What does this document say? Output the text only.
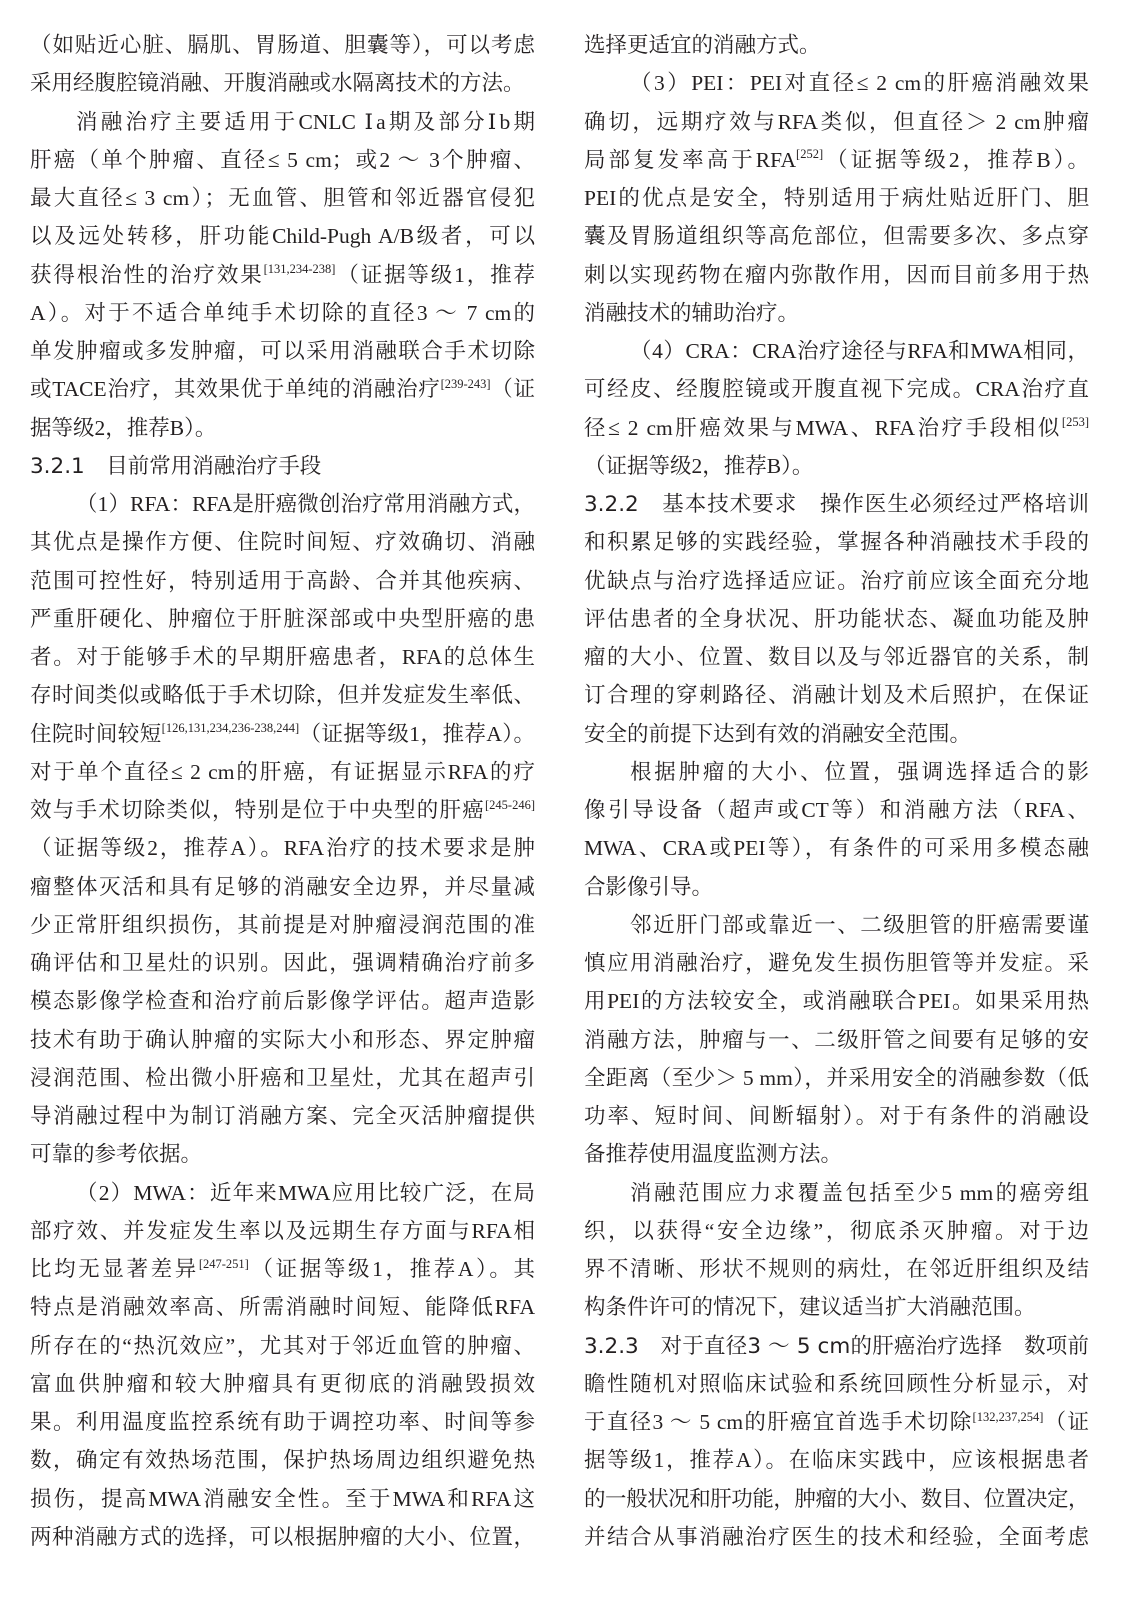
（如贴近心脏、膈肌、胃肠道、胆囊等），可以考虑
采用经腹腔镜消融、开腹消融或水隔离技术的方法。
消融治疗主要适用于CNLC Ⅰa期及部分Ⅰb期
肝癌（单个肿瘤、直径≤ 5 cm；或2 ～ 3个肿瘤、
最大直径≤ 3 cm）；无血管、胆管和邻近器官侵犯
以及远处转移，肝功能Child-Pugh A/B级者，可以
获得根治性的治疗效果[131,234-238]（证据等级1，推荐
A）。对于不适合单纯手术切除的直径3 ～ 7 cm的
单发肿瘤或多发肿瘤，可以采用消融联合手术切除
或TACE治疗，其效果优于单纯的消融治疗[239-243]（证
据等级2，推荐B）。
3.2.1　目前常用消融治疗手段
（1）RFA：RFA是肝癌微创治疗常用消融方式，
其优点是操作方便、住院时间短、疗效确切、消融
范围可控性好，特别适用于高龄、合并其他疾病、
严重肝硬化、肿瘤位于肝脏深部或中央型肝癌的患
者。对于能够手术的早期肝癌患者，RFA的总体生
存时间类似或略低于手术切除，但并发症发生率低、
住院时间较短[126,131,234,236-238,244]（证据等级1，推荐A）。
对于单个直径≤ 2 cm的肝癌，有证据显示RFA的疗
效与手术切除类似，特别是位于中央型的肝癌[245-246]
（证据等级2，推荐A）。RFA治疗的技术要求是肿
瘤整体灭活和具有足够的消融安全边界，并尽量减
少正常肝组织损伤，其前提是对肿瘤浸润范围的准
确评估和卫星灶的识别。因此，强调精确治疗前多
模态影像学检查和治疗前后影像学评估。超声造影
技术有助于确认肿瘤的实际大小和形态、界定肿瘤
浸润范围、检出微小肝癌和卫星灶，尤其在超声引
导消融过程中为制订消融方案、完全灭活肿瘤提供
可靠的参考依据。
（2）MWA：近年来MWA应用比较广泛，在局
部疗效、并发症发生率以及远期生存方面与RFA相
比均无显著差异[247-251]（证据等级1，推荐A）。其
特点是消融效率高、所需消融时间短、能降低RFA
所存在的“热沉效应”，尤其对于邻近血管的肿瘤、
富血供肿瘤和较大肿瘤具有更彻底的消融毁损效
果。利用温度监控系统有助于调控功率、时间等参
数，确定有效热场范围，保护热场周边组织避免热
损伤，提高MWA消融安全性。至于MWA和RFA这
两种消融方式的选择，可以根据肿瘤的大小、位置，
选择更适宜的消融方式。
（3）PEI：PEI对直径≤ 2 cm的肝癌消融效果
确切，远期疗效与RFA类似，但直径＞ 2 cm肿瘤
局部复发率高于RFA[252]（证据等级2，推荐B）。
PEI的优点是安全，特别适用于病灶贴近肝门、胆
囊及胃肠道组织等高危部位，但需要多次、多点穿
刺以实现药物在瘤内弥散作用，因而目前多用于热
消融技术的辅助治疗。
（4）CRA：CRA治疗途径与RFA和MWA相同，
可经皮、经腹腔镜或开腹直视下完成。CRA治疗直
径≤ 2 cm肝癌效果与MWA、RFA治疗手段相似[253]
（证据等级2，推荐B）。
3.2.2　基本技术要求　操作医生必须经过严格培训
和积累足够的实践经验，掌握各种消融技术手段的
优缺点与治疗选择适应证。治疗前应该全面充分地
评估患者的全身状况、肝功能状态、凝血功能及肿
瘤的大小、位置、数目以及与邻近器官的关系，制
订合理的穿刺路径、消融计划及术后照护，在保证
安全的前提下达到有效的消融安全范围。
根据肿瘤的大小、位置，强调选择适合的影
像引导设备（超声或CT等）和消融方法（RFA、
MWA、CRA或PEI等），有条件的可采用多模态融
合影像引导。
邻近肝门部或靠近一、二级胆管的肝癌需要谨
慎应用消融治疗，避免发生损伤胆管等并发症。采
用PEI的方法较安全，或消融联合PEI。如果采用热
消融方法，肿瘤与一、二级肝管之间要有足够的安
全距离（至少＞ 5 mm），并采用安全的消融参数（低
功率、短时间、间断辐射）。对于有条件的消融设
备推荐使用温度监测方法。
消融范围应力求覆盖包括至少5 mm的癌旁组
织，以获得“安全边缘”，彻底杀灭肿瘤。对于边
界不清晰、形状不规则的病灶，在邻近肝组织及结
构条件许可的情况下，建议适当扩大消融范围。
3.2.3　对于直径3 ～ 5 cm的肝癌治疗选择　数项前
瞻性随机对照临床试验和系统回顾性分析显示，对
于直径3 ～ 5 cm的肝癌宜首选手术切除[132,237,254]（证
据等级1，推荐A）。在临床实践中，应该根据患者
的一般状况和肝功能，肿瘤的大小、数目、位置决定，
并结合从事消融治疗医生的技术和经验，全面考虑
